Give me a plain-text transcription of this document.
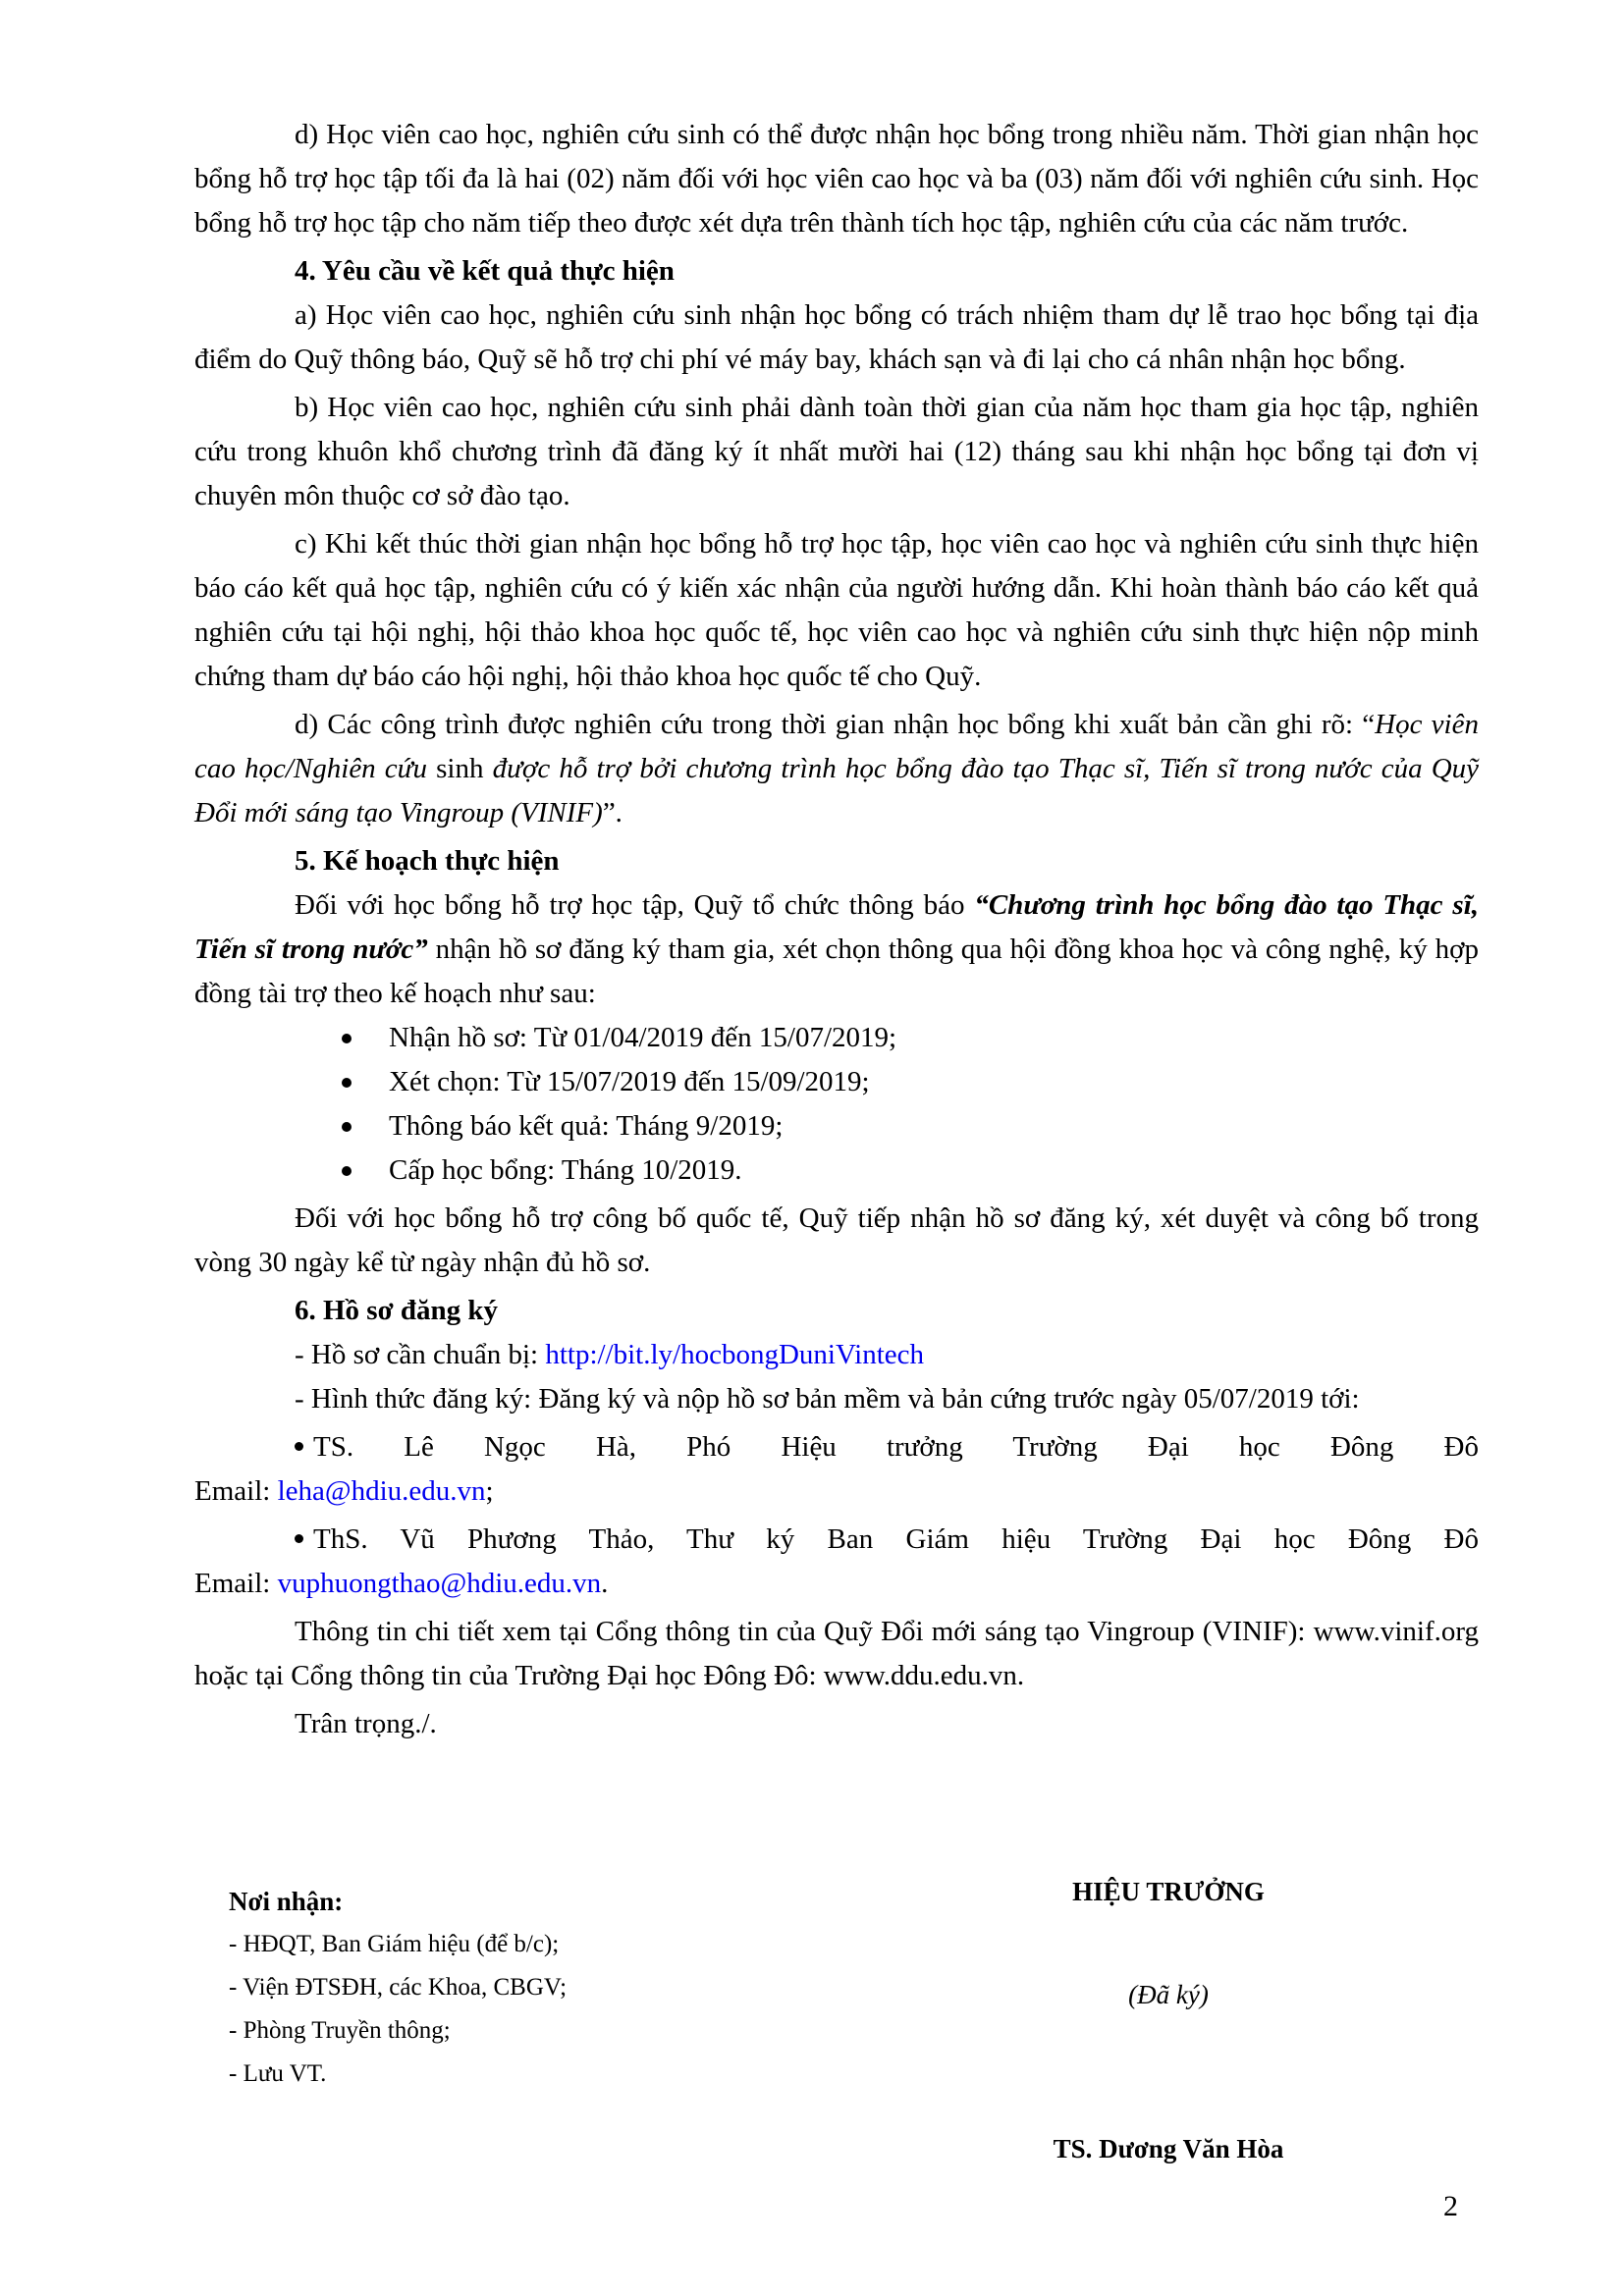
d) Học viên cao học, nghiên cứu sinh có thể được nhận học bổng trong nhiều năm. Thời gian nhận học bổng hỗ trợ học tập tối đa là hai (02) năm đối với học viên cao học và ba (03) năm đối với nghiên cứu sinh. Học bổng hỗ trợ học tập cho năm tiếp theo được xét dựa trên thành tích học tập, nghiên cứu của các năm trước.

4. Yêu cầu về kết quả thực hiện

a) Học viên cao học, nghiên cứu sinh nhận học bổng có trách nhiệm tham dự lễ trao học bổng tại địa điểm do Quỹ thông báo, Quỹ sẽ hỗ trợ chi phí vé máy bay, khách sạn và đi lại cho cá nhân nhận học bổng.

b) Học viên cao học, nghiên cứu sinh phải dành toàn thời gian của năm học tham gia học tập, nghiên cứu trong khuôn khổ chương trình đã đăng ký ít nhất mười hai (12) tháng sau khi nhận học bổng tại đơn vị chuyên môn thuộc cơ sở đào tạo.

c) Khi kết thúc thời gian nhận học bổng hỗ trợ học tập, học viên cao học và nghiên cứu sinh thực hiện báo cáo kết quả học tập, nghiên cứu có ý kiến xác nhận của người hướng dẫn. Khi hoàn thành báo cáo kết quả nghiên cứu tại hội nghị, hội thảo khoa học quốc tế, học viên cao học và nghiên cứu sinh thực hiện nộp minh chứng tham dự báo cáo hội nghị, hội thảo khoa học quốc tế cho Quỹ.

d) Các công trình được nghiên cứu trong thời gian nhận học bổng khi xuất bản cần ghi rõ: “Học viên cao học/Nghiên cứu sinh được hỗ trợ bởi chương trình học bổng đào tạo Thạc sĩ, Tiến sĩ trong nước của Quỹ Đổi mới sáng tạo Vingroup (VINIF)”.

5. Kế hoạch thực hiện

Đối với học bổng hỗ trợ học tập, Quỹ tổ chức thông báo “Chương trình học bổng đào tạo Thạc sĩ, Tiến sĩ trong nước” nhận hồ sơ đăng ký tham gia, xét chọn thông qua hội đồng khoa học và công nghệ, ký hợp đồng tài trợ theo kế hoạch như sau:

Nhận hồ sơ: Từ 01/04/2019 đến 15/07/2019;
Xét chọn: Từ 15/07/2019 đến 15/09/2019;
Thông báo kết quả: Tháng 9/2019;
Cấp học bổng: Tháng 10/2019.

Đối với học bổng hỗ trợ công bố quốc tế, Quỹ tiếp nhận hồ sơ đăng ký, xét duyệt và công bố trong vòng 30 ngày kể từ ngày nhận đủ hồ sơ.

6. Hồ sơ đăng ký

- Hồ sơ cần chuẩn bị: http://bit.ly/hocbongDuniVintech

- Hình thức đăng ký: Đăng ký và nộp hồ sơ bản mềm và bản cứng trước ngày 05/07/2019 tới:

TS. Lê Ngọc Hà, Phó Hiệu trưởng Trường Đại học Đông Đô

Email: leha@hdiu.edu.vn;

ThS. Vũ Phương Thảo, Thư ký Ban Giám hiệu Trường Đại học Đông Đô

Email: vuphuongthao@hdiu.edu.vn.

Thông tin chi tiết xem tại Cổng thông tin của Quỹ Đổi mới sáng tạo Vingroup (VINIF): www.vinif.org hoặc tại Cổng thông tin của Trường Đại học Đông Đô: www.ddu.edu.vn.

Trân trọng./.

Nơi nhận:
- HĐQT, Ban Giám hiệu (để b/c);
- Viện ĐTSĐH, các Khoa, CBGV;
- Phòng Truyền thông;
- Lưu VT.
HIỆU TRƯỞNG
(Đã ký)
TS. Dương Văn Hòa
2
